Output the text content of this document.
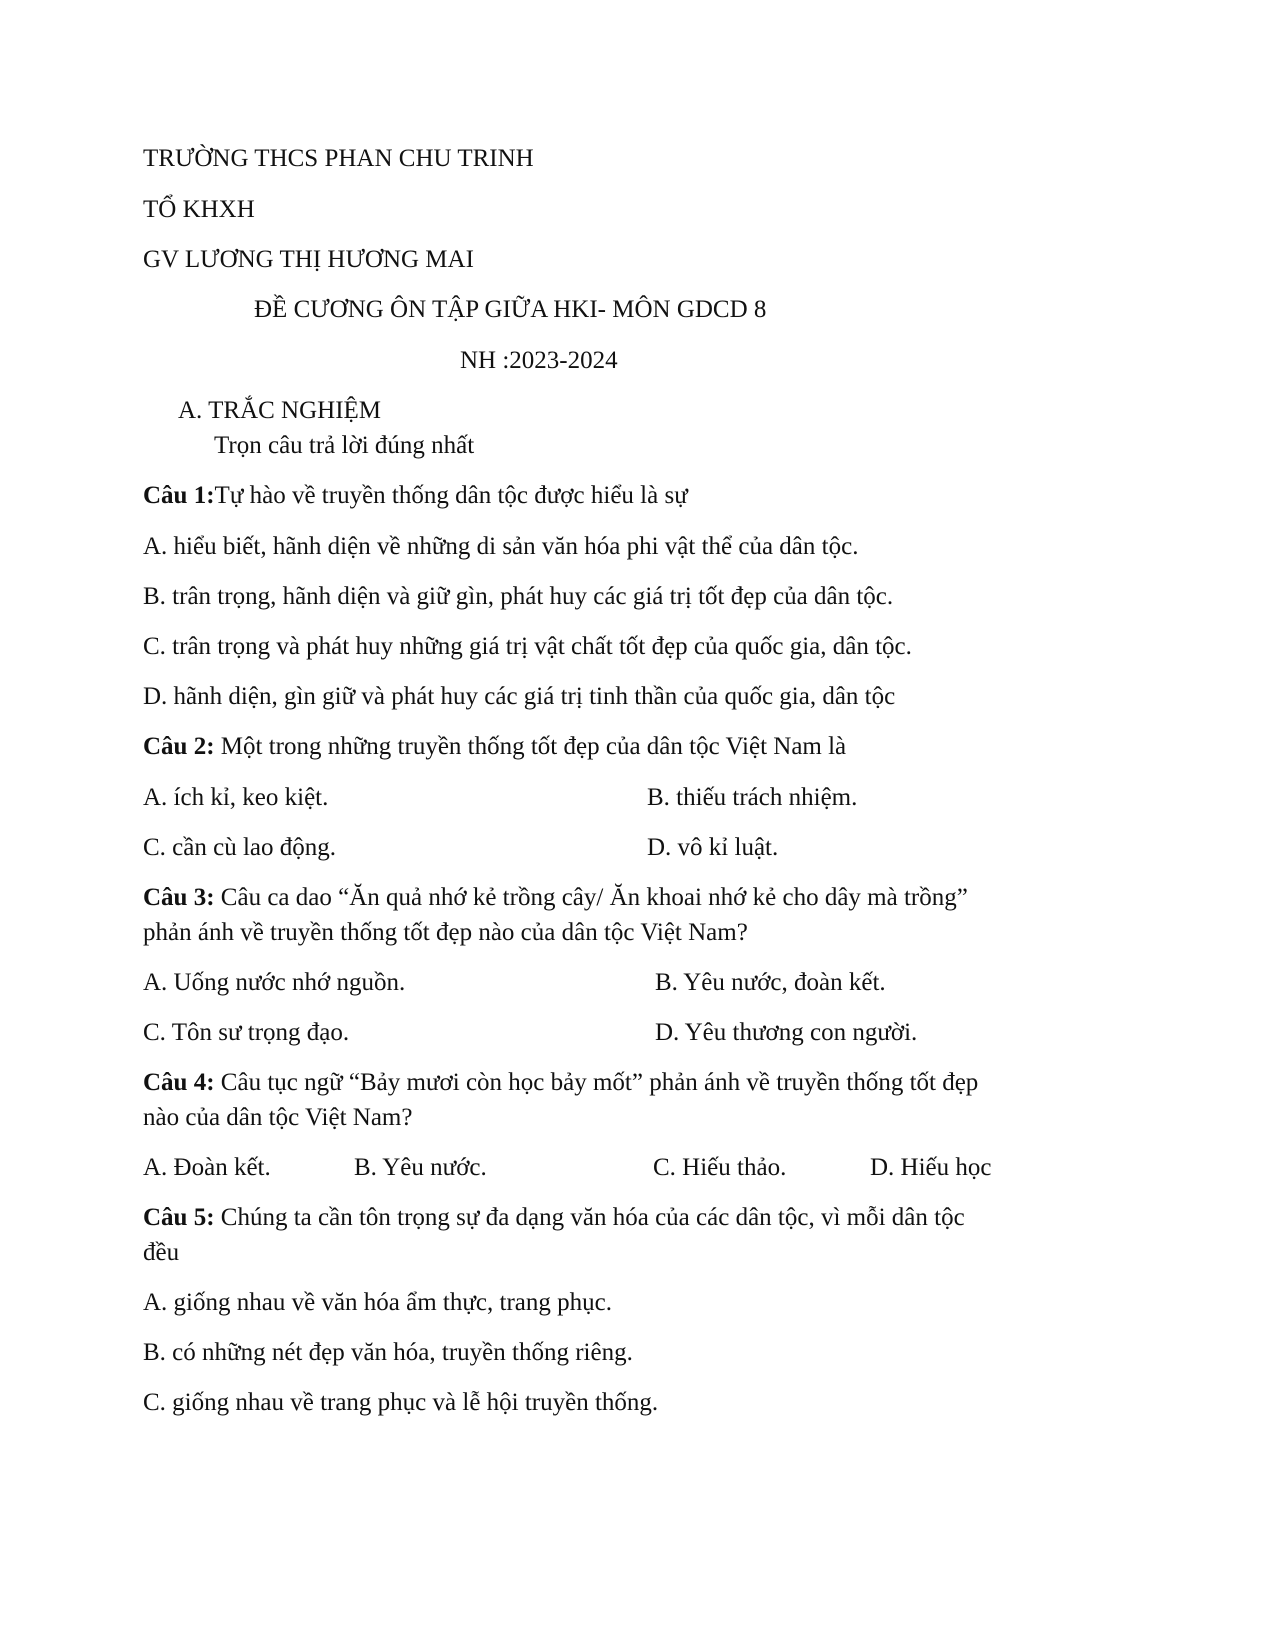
TRƯỜNG THCS PHAN CHU TRINH

TỔ KHXH

GV LƯƠNG THỊ HƯƠNG MAI

ĐỀ CƯƠNG ÔN TẬP GIỮA HKI- MÔN GDCD 8

NH :2023-2024

A. TRẮC NGHIỆM

Trọn câu trả lời đúng nhất

Câu 1:Tự hào về truyền thống dân tộc được hiểu là sự

A. hiểu biết, hãnh diện về những di sản văn hóa phi vật thể của dân tộc.

B. trân trọng, hãnh diện và giữ gìn, phát huy các giá trị tốt đẹp của dân tộc.

C. trân trọng và phát huy những giá trị vật chất tốt đẹp của quốc gia, dân tộc.

D. hãnh diện, gìn giữ và phát huy các giá trị tinh thần của quốc gia, dân tộc

Câu 2: Một trong những truyền thống tốt đẹp của dân tộc Việt Nam là

A. ích kỉ, keo kiệt.	B. thiếu trách nhiệm.

C. cần cù lao động.	D. vô kỉ luật.

Câu 3: Câu ca dao “Ăn quả nhớ kẻ trồng cây/ Ăn khoai nhớ kẻ cho dây mà trồng”

phản ánh về truyền thống tốt đẹp nào của dân tộc Việt Nam?

A. Uống nước nhớ nguồn.	B. Yêu nước, đoàn kết.

C. Tôn sư trọng đạo.	D. Yêu thương con người.

Câu 4: Câu tục ngữ “Bảy mươi còn học bảy mốt” phản ánh về truyền thống tốt đẹp

nào của dân tộc Việt Nam?

A. Đoàn kết.	B. Yêu nước.	C. Hiếu thảo.	D. Hiếu học

Câu 5: Chúng ta cần tôn trọng sự đa dạng văn hóa của các dân tộc, vì mỗi dân tộc

đều

A. giống nhau về văn hóa ẩm thực, trang phục.

B. có những nét đẹp văn hóa, truyền thống riêng.

C. giống nhau về trang phục và lễ hội truyền thống.
